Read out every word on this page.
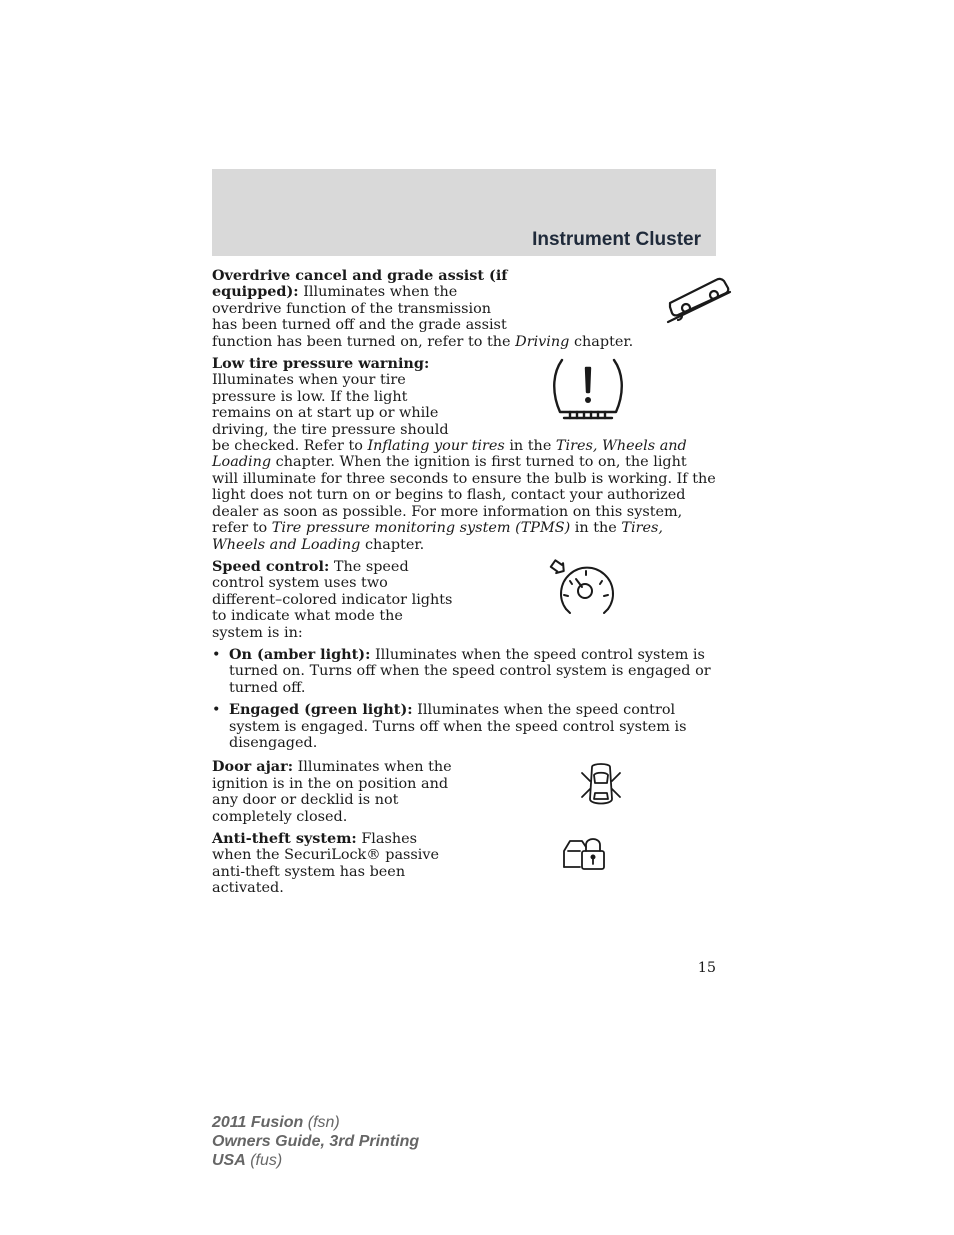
Instrument Cluster
Overdrive cancel and grade assist (if equipped): Illuminates when the overdrive function of the transmission has been turned off and the grade assist function has been turned on, refer to the Driving chapter.
Low tire pressure warning: Illuminates when your tire pressure is low. If the light remains on at start up or while driving, the tire pressure should be checked. Refer to Inflating your tires in the Tires, Wheels and Loading chapter. When the ignition is first turned to on, the light will illuminate for three seconds to ensure the bulb is working. If the light does not turn on or begins to flash, contact your authorized dealer as soon as possible. For more information on this system, refer to Tire pressure monitoring system (TPMS) in the Tires, Wheels and Loading chapter.
Speed control: The speed control system uses two different–colored indicator lights to indicate what mode the system is in:
• On (amber light): Illuminates when the speed control system is turned on. Turns off when the speed control system is engaged or turned off.
• Engaged (green light): Illuminates when the speed control system is engaged. Turns off when the speed control system is disengaged.
Door ajar: Illuminates when the ignition is in the on position and any door or decklid is not completely closed.
Anti-theft system: Flashes when the SecuriLock® passive anti-theft system has been activated.
15
2011 Fusion (fsn)
Owners Guide, 3rd Printing
USA (fus)
